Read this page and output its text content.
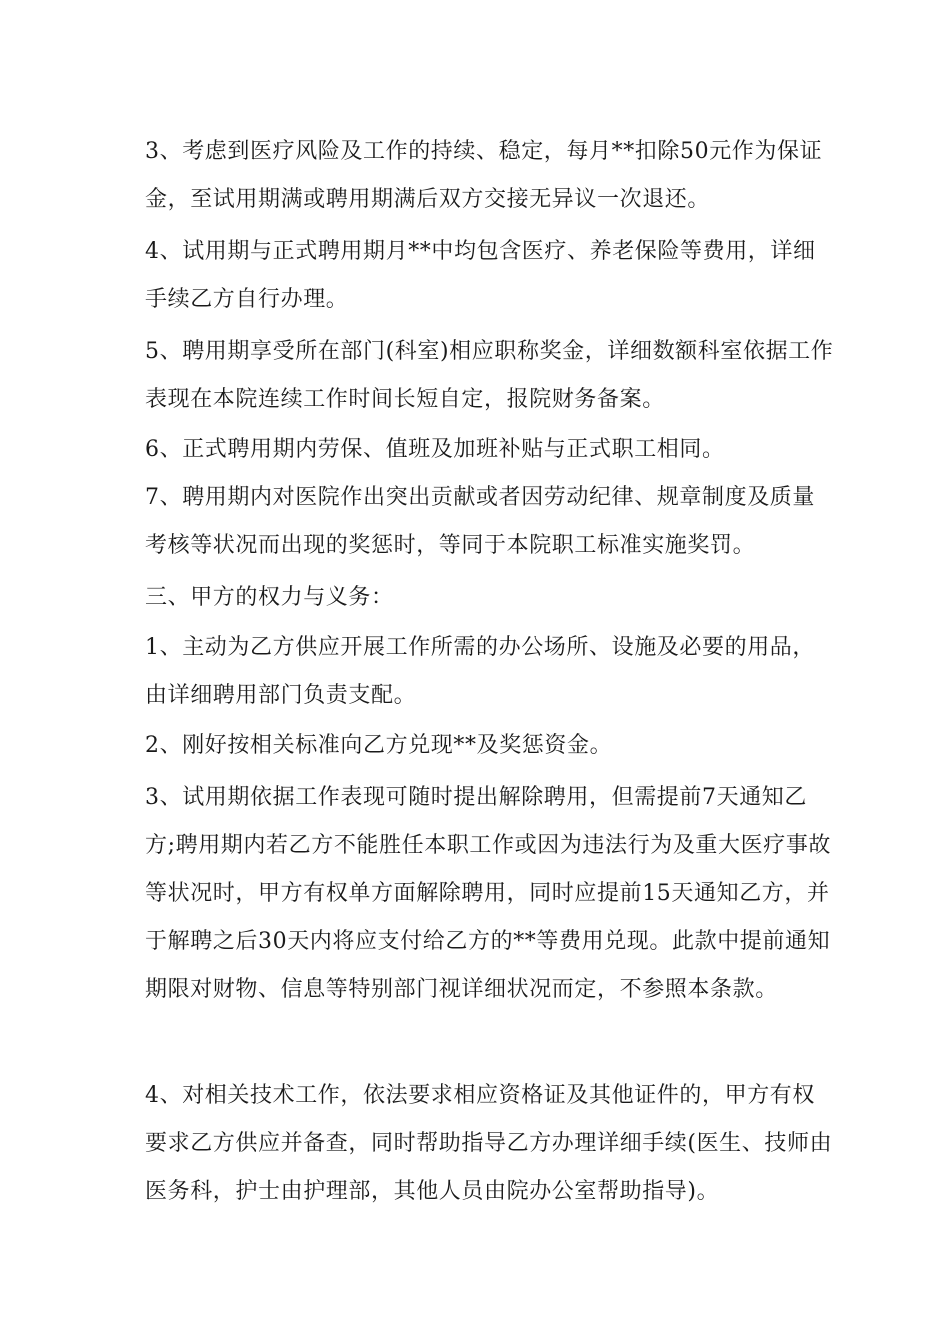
3、考虑到医疗风险及工作的持续、稳定，每月**扣除50元作为保证金，至试用期满或聘用期满后双方交接无异议一次退还。

4、试用期与正式聘用期月**中均包含医疗、养老保险等费用，详细手续乙方自行办理。

5、聘用期享受所在部门(科室)相应职称奖金，详细数额科室依据工作表现在本院连续工作时间长短自定，报院财务备案。

6、正式聘用期内劳保、值班及加班补贴与正式职工相同。

7、聘用期内对医院作出突出贡献或者因劳动纪律、规章制度及质量考核等状况而出现的奖惩时，等同于本院职工标准实施奖罚。

三、甲方的权力与义务：

1、主动为乙方供应开展工作所需的办公场所、设施及必要的用品，由详细聘用部门负责支配。

2、刚好按相关标准向乙方兑现**及奖惩资金。

3、试用期依据工作表现可随时提出解除聘用，但需提前7天通知乙方;聘用期内若乙方不能胜任本职工作或因为违法行为及重大医疗事故等状况时，甲方有权单方面解除聘用，同时应提前15天通知乙方，并于解聘之后30天内将应支付给乙方的**等费用兑现。此款中提前通知期限对财物、信息等特别部门视详细状况而定，不参照本条款。

4、对相关技术工作，依法要求相应资格证及其他证件的，甲方有权要求乙方供应并备查，同时帮助指导乙方办理详细手续(医生、技师由医务科，护士由护理部，其他人员由院办公室帮助指导)。
